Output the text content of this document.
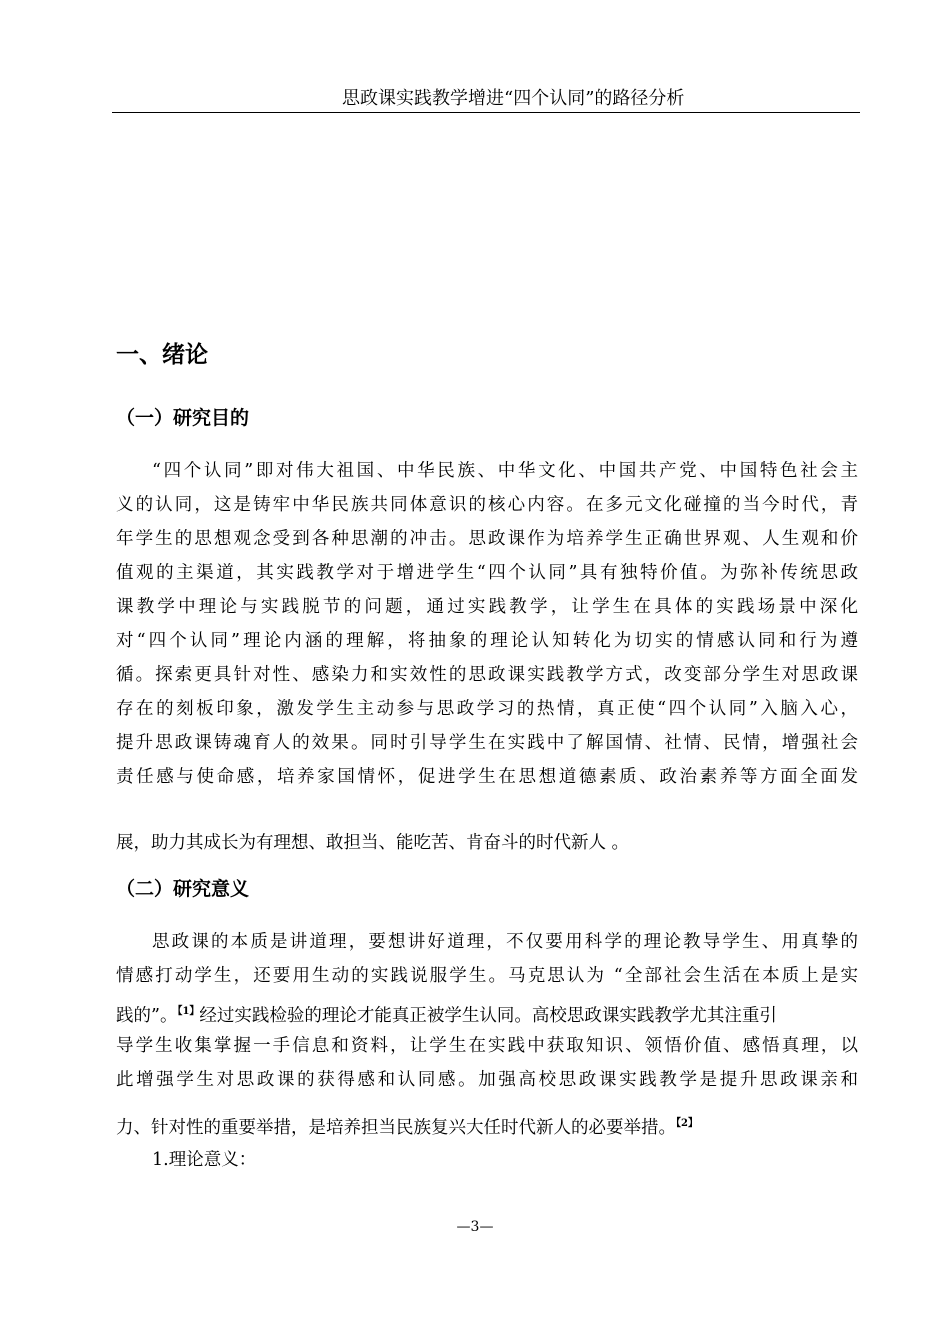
思政课实践教学增进“四个认同”的路径分析
一、绪论
（一）研究目的
“四个认同”即对伟大祖国、中华民族、中华文化、中国共产党、中国特色社会主
义的认同，这是铸牢中华民族共同体意识的核心内容。在多元文化碰撞的当今时代，青
年学生的思想观念受到各种思潮的冲击。思政课作为培养学生正确世界观、人生观和价
值观的主渠道，其实践教学对于增进学生“四个认同”具有独特价值。为弥补传统思政
课教学中理论与实践脱节的问题，通过实践教学，让学生在具体的实践场景中深化
对“四个认同”理论内涵的理解，将抽象的理论认知转化为切实的情感认同和行为遵
循。探索更具针对性、感染力和实效性的思政课实践教学方式，改变部分学生对思政课
存在的刻板印象，激发学生主动参与思政学习的热情，真正使“四个认同”入脑入心，
提升思政课铸魂育人的效果。同时引导学生在实践中了解国情、社情、民情，增强社会
责任感与使命感，培养家国情怀，促进学生在思想道德素质、政治素养等方面全面发
展，助力其成长为有理想、敢担当、能吃苦、肯奋斗的时代新人 。
（二）研究意义
思政课的本质是讲道理，要想讲好道理，不仅要用科学的理论教导学生、用真挚的
情感打动学生，还要用生动的实践说服学生。马克思认为 “全部社会生活在本质上是实
践的”。$^{【1】}$经过实践检验的理论才能真正被学生认同。高校思政课实践教学尤其注重引
导学生收集掌握一手信息和资料，让学生在实践中获取知识、领悟价值、感悟真理，以
此增强学生对思政课的获得感和认同感。加强高校思政课实践教学是提升思政课亲和
力、针对性的重要举措，是培养担当民族复兴大任时代新人的必要举措。$^{【2】}$
1.理论意义：
—3—
